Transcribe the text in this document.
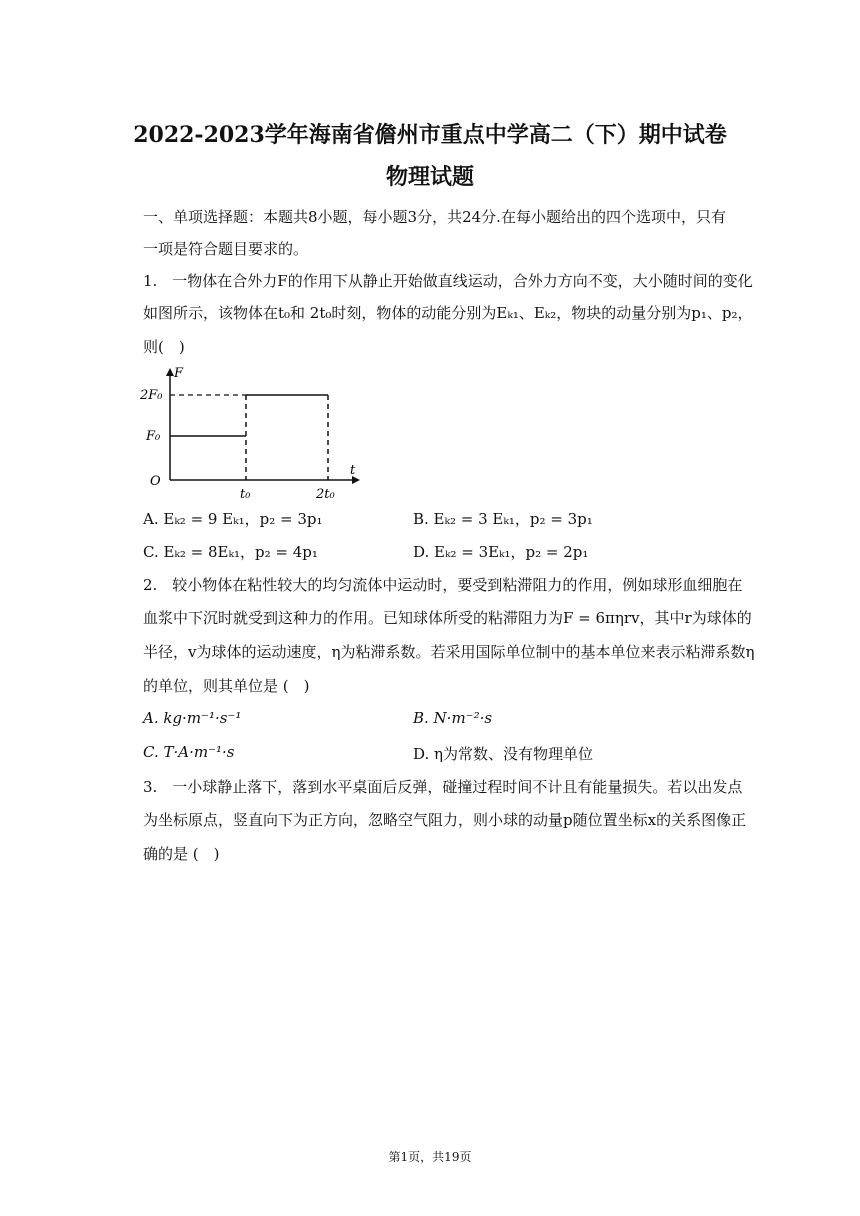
2022-2023学年海南省儋州市重点中学高二（下）期中试卷
物理试题
一、单项选择题：本题共8小题，每小题3分，共24分.在每小题给出的四个选项中，只有
一项是符合题目要求的。
1.　一物体在合外力F的作用下从静止开始做直线运动，合外力方向不变，大小随时间的变化
如图所示，该物体在t₀和 2t₀时刻，物体的动能分别为Eₖ₁、Eₖ₂，物块的动量分别为p₁、p₂，
则(　)
F
t
O
2F₀
F₀
t₀	2t₀
A. Eₖ₂ = 9 Eₖ₁，p₂ = 3p₁	B. Eₖ₂ = 3 Eₖ₁，p₂ = 3p₁
C. Eₖ₂ = 8Eₖ₁，p₂ = 4p₁	D. Eₖ₂ = 3Eₖ₁，p₂ = 2p₁
2.　较小物体在粘性较大的均匀流体中运动时，要受到粘滞阻力的作用，例如球形血细胞在
血浆中下沉时就受到这种力的作用。已知球体所受的粘滞阻力为F = 6πηrv，其中r为球体的
半径，v为球体的运动速度，η为粘滞系数。若采用国际单位制中的基本单位来表示粘滞系数η
的单位，则其单位是 (　)
A. kg·m⁻¹·s⁻¹	B. N·m⁻²·s
C. T·A·m⁻¹·s	D. η为常数、没有物理单位
3.　一小球静止落下，落到水平桌面后反弹，碰撞过程时间不计且有能量损失。若以出发点
为坐标原点，竖直向下为正方向，忽略空气阻力，则小球的动量p随位置坐标x的关系图像正
确的是 (　)
第1页，共19页
